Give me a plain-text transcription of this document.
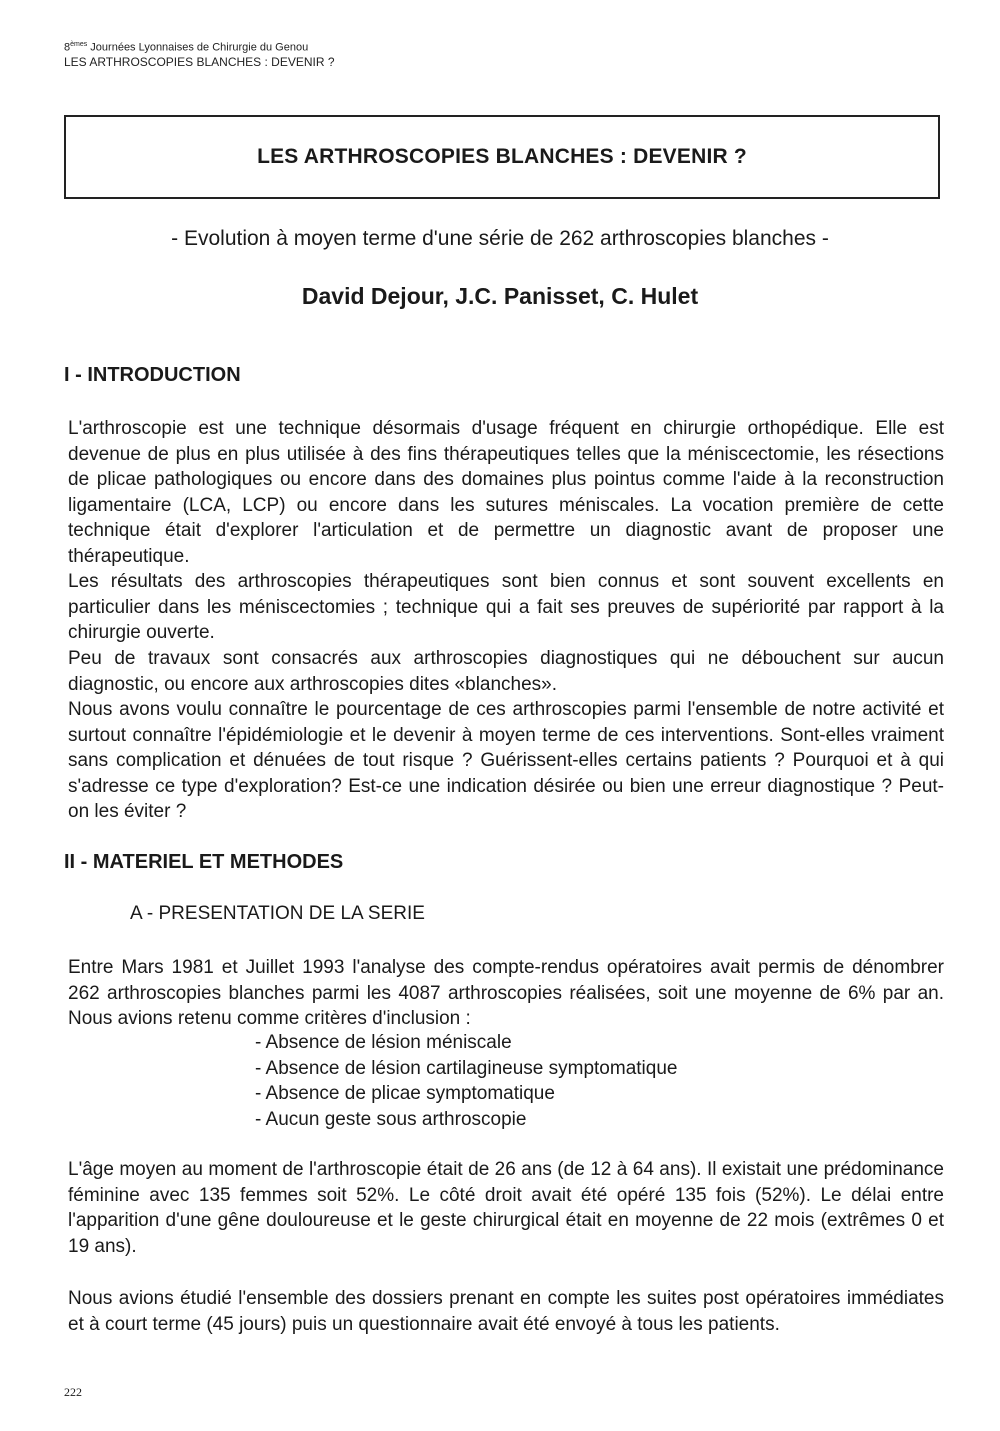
8èmes Journées Lyonnaises de Chirurgie du Genou
LES ARTHROSCOPIES BLANCHES : DEVENIR ?
LES ARTHROSCOPIES BLANCHES : DEVENIR ?
- Evolution à moyen terme d'une série de 262 arthroscopies blanches -
David Dejour, J.C. Panisset, C. Hulet
I - INTRODUCTION

L'arthroscopie est une technique désormais d'usage fréquent en chirurgie orthopédique. Elle est devenue de plus en plus utilisée à des fins thérapeutiques telles que la méniscectomie, les résections de plicae pathologiques ou encore dans des domaines plus pointus comme l'aide à la reconstruction ligamentaire (LCA, LCP) ou encore dans les sutures méniscales. La vocation première de cette technique était d'explorer l'articulation et de permettre un diagnostic avant de proposer une thérapeutique.

Les résultats des arthroscopies thérapeutiques sont bien connus et sont souvent excellents en particulier dans les méniscectomies ; technique qui a fait ses preuves de supériorité par rapport à la chirurgie ouverte.

Peu de travaux sont consacrés aux arthroscopies diagnostiques qui ne débouchent sur aucun diagnostic, ou encore aux arthroscopies dites «blanches».

Nous avons voulu connaître le pourcentage de ces arthroscopies parmi l'ensemble de notre activité et surtout connaître l'épidémiologie et le devenir à moyen terme de ces interventions. Sont-elles vraiment sans complication et dénuées de tout risque ? Guérissent-elles certains patients ? Pourquoi et à qui s'adresse ce type d'exploration? Est-ce une indication désirée ou bien une erreur diagnostique ? Peut-on les éviter ?

II - MATERIEL ET METHODES
A - PRESENTATION DE LA SERIE

Entre Mars 1981 et Juillet 1993 l'analyse des compte-rendus opératoires avait permis de dénombrer 262 arthroscopies blanches parmi les 4087 arthroscopies réalisées, soit une moyenne de 6% par an. Nous avions retenu comme critères d'inclusion :

- Absence de lésion méniscale
- Absence de lésion cartilagineuse symptomatique
- Absence de plicae symptomatique
- Aucun geste sous arthroscopie

L'âge moyen au moment de l'arthroscopie était de 26 ans (de 12 à 64 ans). Il existait une prédominance féminine avec 135 femmes soit 52%. Le côté droit avait été opéré 135 fois (52%). Le délai entre l'apparition d'une gêne douloureuse et le geste chirurgical était en moyenne de 22 mois (extrêmes 0 et 19 ans).

Nous avions étudié l'ensemble des dossiers prenant en compte les suites post opératoires immédiates et à court terme (45 jours) puis un questionnaire avait été envoyé à tous les patients.

222
